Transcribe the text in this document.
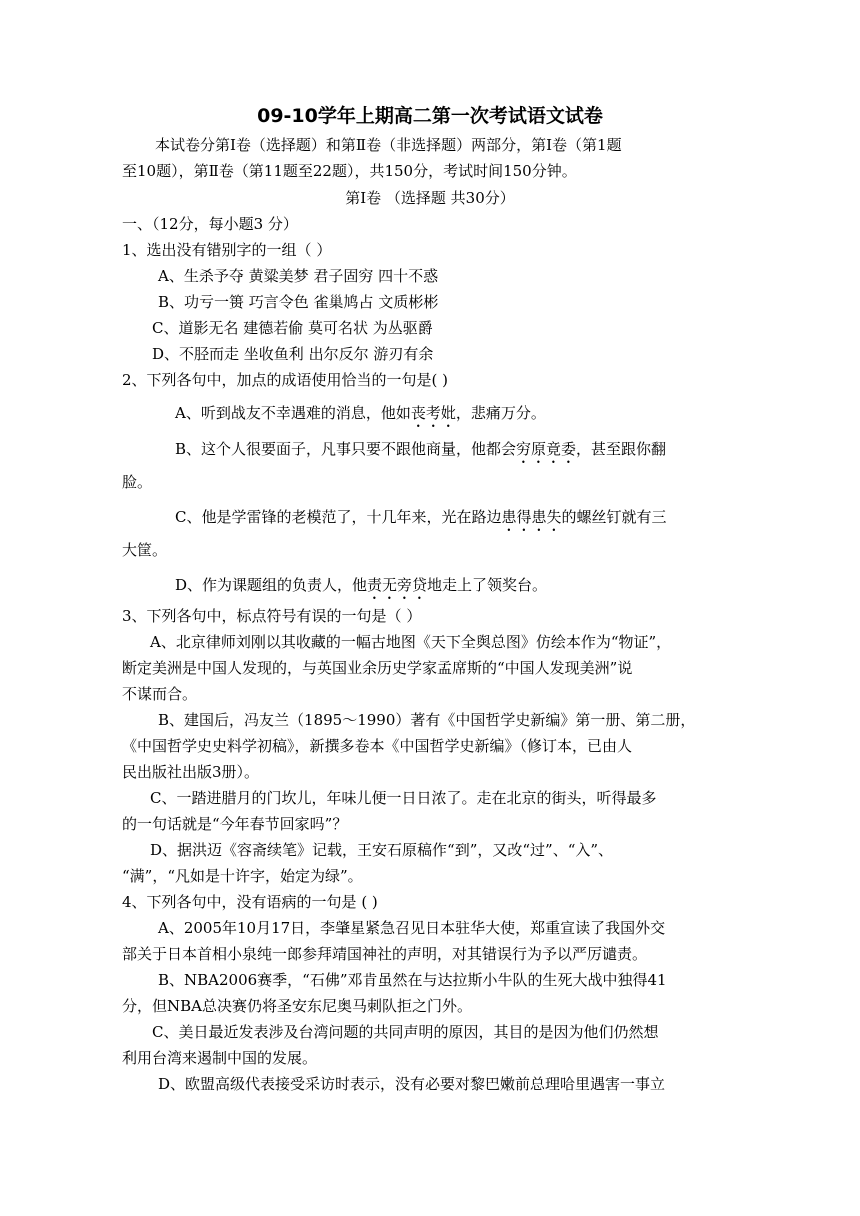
09-10学年上期高二第一次考试语文试卷
本试卷分第Ⅰ卷（选择题）和第Ⅱ卷（非选择题）两部分，第Ⅰ卷（第1题
至10题），第Ⅱ卷（第11题至22题），共150分，考试时间150分钟。
第Ⅰ卷 （选择题 共30分）
一、（12分，每小题3 分）
1、选出没有错别字的一组（ ）
A、生杀予夺 黄粱美梦 君子固穷 四十不惑
B、功亏一篑 巧言令色 雀巢鸠占 文质彬彬
C、道影无名 建德若偷 莫可名状 为丛驱爵
D、不胫而走 坐收鱼利 出尔反尔 游刃有余
2、下列各句中，加点的成语使用恰当的一句是( )
A、听到战友不幸遇难的消息，他如丧考妣，悲痛万分。
B、这个人很要面子，凡事只要不跟他商量，他都会穷原竟委，甚至跟你翻
脸。
C、他是学雷锋的老模范了，十几年来，光在路边患得患失的螺丝钉就有三
大筐。
D、作为课题组的负责人，他责无旁贷地走上了领奖台。
3、下列各句中，标点符号有误的一句是（ ）
A、北京律师刘刚以其收藏的一幅古地图《天下全舆总图》仿绘本作为“物证”，
断定美洲是中国人发现的，与英国业余历史学家孟席斯的“中国人发现美洲”说
不谋而合。
B、建国后，冯友兰（1895～1990）著有《中国哲学史新编》第一册、第二册，
《中国哲学史史料学初稿》，新撰多卷本《中国哲学史新编》（修订本，已由人
民出版社出版3册）。
C、一踏进腊月的门坎儿，年味儿便一日日浓了。走在北京的街头，听得最多
的一句话就是“今年春节回家吗”？
D、据洪迈《容斋续笔》记载，王安石原稿作“到”，又改“过”、“入”、
“满”，“凡如是十许字，始定为绿”。
4、下列各句中，没有语病的一句是 ( )
A、2005年10月17日，李肇星紧急召见日本驻华大使，郑重宣读了我国外交
部关于日本首相小泉纯一郎参拜靖国神社的声明，对其错误行为予以严厉谴责。
B、NBA2006赛季，“石佛”邓肯虽然在与达拉斯小牛队的生死大战中独得41
分，但NBA总决赛仍将圣安东尼奥马刺队拒之门外。
C、美日最近发表涉及台湾问题的共同声明的原因，其目的是因为他们仍然想
利用台湾来遏制中国的发展。
D、欧盟高级代表接受采访时表示，没有必要对黎巴嫩前总理哈里遇害一事立
